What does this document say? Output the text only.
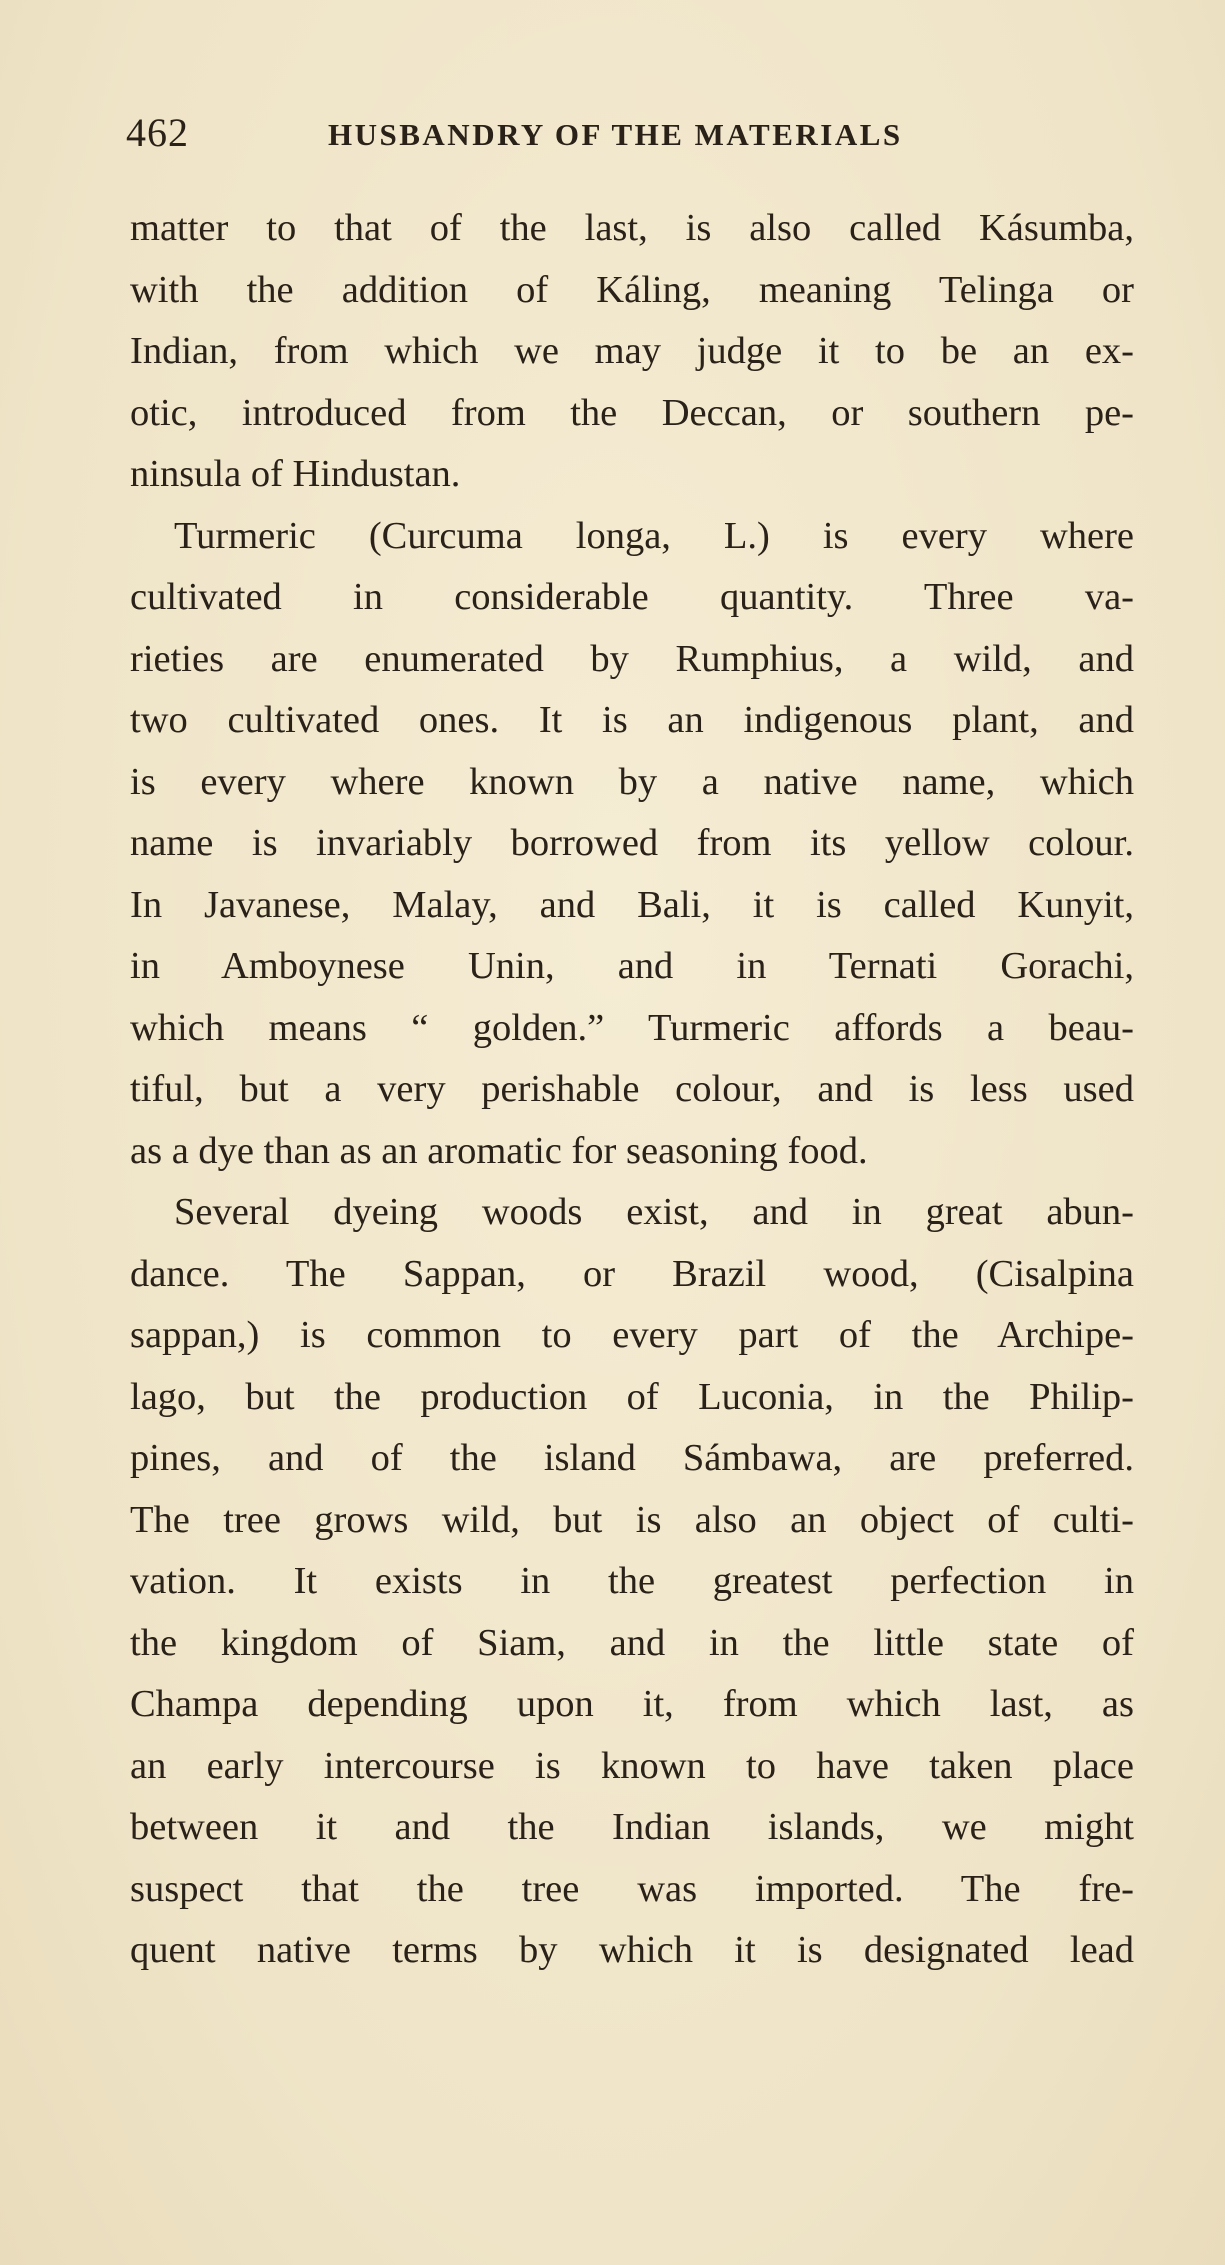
462	HUSBANDRY OF THE MATERIALS
matter to that of the last, is also called Kásumba,
with the addition of Káling, meaning Telinga or
Indian, from which we may judge it to be an ex-
otic, introduced from the Deccan, or southern pe-
ninsula of Hindustan.
Turmeric (Curcuma longa, L.) is every where
cultivated in considerable quantity. Three va-
rieties are enumerated by Rumphius, a wild, and
two cultivated ones. It is an indigenous plant, and
is every where known by a native name, which
name is invariably borrowed from its yellow colour.
In Javanese, Malay, and Bali, it is called Kunyit,
in Amboynese Unin, and in Ternati Gorachi,
which means “ golden.” Turmeric affords a beau-
tiful, but a very perishable colour, and is less used
as a dye than as an aromatic for seasoning food.
Several dyeing woods exist, and in great abun-
dance. The Sappan, or Brazil wood, (Cisalpina
sappan,) is common to every part of the Archipe-
lago, but the production of Luconia, in the Philip-
pines, and of the island Sámbawa, are preferred.
The tree grows wild, but is also an object of culti-
vation. It exists in the greatest perfection in
the kingdom of Siam, and in the little state of
Champa depending upon it, from which last, as
an early intercourse is known to have taken place
between it and the Indian islands, we might
suspect that the tree was imported. The fre-
quent native terms by which it is designated lead
